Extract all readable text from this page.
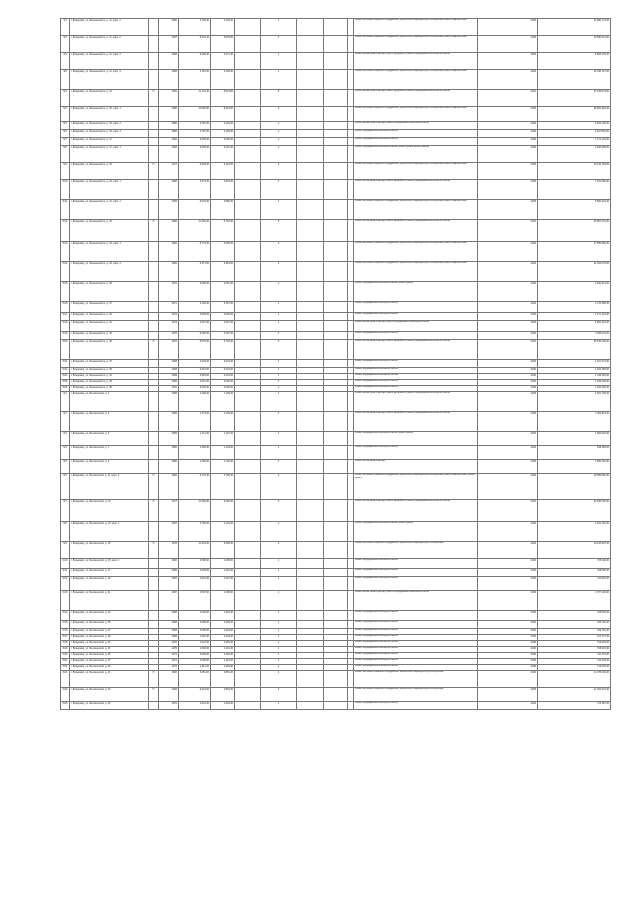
4/1	г. Владимир, ул. Безыменского, д. 11, корп. 1		1960	2 748,40	2 130,00		1				Ремонт или замена лифтового оборудования, признанного непригодным для эксплуатации, ремонт лифтовых шахт	2046	13 590 174,00
4/3	г. Владимир, ул. Безыменского, д. 11, корп. 2		1967	5 044,10	3 878,90		1				Ремонт или замена лифтового оборудования, признанного непригодным для эксплуатации, ремонт лифтовых шахт	2046	13 590 214,00
4/4	г. Владимир, ул. Безыменского, д. 11, корп. 3		1968	5 696,30	4 371,40		1				Ремонт крыши, ремонт фасада, ремонт фундамента, ремонт внутридомовых инженерных систем	2039	8 864 378,00
4/6	г. Владимир, ул. Безыменского, д. 11, корп. 4		1968	4 151,00	3 209,00		1				Ремонт или замена лифтового оборудования, признанного непригодным для эксплуатации, ремонт лифтовых шахт	2046	15 158 147,00
5/4	г. Владимир, ул. Безыменского, д. 13	П	1981	11 131,40	8 513,80		5				Ремонт крыши, ремонт фасада, ремонт фундамента, ремонт внутридомовых инженерных систем	2041	37 169 574,00
5/2	г. Владимир, ул. Безыменского, д. 15, корп. 1		1980	11 625,50	8 944,90		4				Ремонт или замена лифтового оборудования, признанного непригодным для эксплуатации, ремонт лифтовых шахт	2046	28 802 446,00
5/5	г. Владимир, ул. Безыменского, д. 15, корп. 2		1980	2 781,00	2 219,00		1				Ремонт крыши, ремонт фасада, ремонт внутридомовых инженерных систем	2039	5 801 200,00
5/6	г. Владимир, ул. Безыменского, д. 15, корп. 3		1986	2 787,00	2 195,00		1				Ремонт внутридомовых инженерных систем	2040	2 467 802,00
5/7	г. Владимир, ул. Безыменского, д. 17		1962	2 645,20	2 045,00		1				Ремонт внутридомовых инженерных систем	2040	1 171 143,00
5/8	г. Владимир, ул. Безыменского, д. 17, корп. 1		1963	2 600,20	2 021,00		1				Ремонт внутридомовых инженерных систем, ремонт крыши, ремонт фасада	2040	2 430 905,00
5/9	г. Владимир, ул. Безыменского, д. 19	П	1977	6 930,90	5 110,60		3				Ремонт или замена лифтового оборудования, признанного непригодным для эксплуатации, ремонт лифтовых шахт	2046	10 215 760,00
5/10	г. Владимир, ул. Безыменского, д. 21, корп. 1		1968	3 674,40	2 843,20		1				Ремонт крыши, ремонт фасада, ремонт фундамента, ремонт внутридомовых инженерных систем	2039	7 391 696,00
5/11	г. Владимир, ул. Безыменского, д. 21, корп. 2		1969	5 049,00	3 886,00		1				Ремонт или замена лифтового оборудования, признанного непригодным для эксплуатации, ремонт лифтовых шахт	2046	8 556 240,00
5/12	г. Владимир, ул. Безыменского, д. 23	П	1982	11 349,00	8 742,00		5				Ремонт крыши, ремонт фасада, ремонт фундамента, ремонт внутридомовых инженерных систем	2041	35 802 472,00
5/13	г. Владимир, ул. Безыменского, д. 23, корп. 1		1982	8 774,00	6 836,00		3				Ремонт или замена лифтового оборудования, признанного непригодным для эксплуатации, ремонт лифтовых шахт	2046	17 555 960,00
5/14	г. Владимир, ул. Безыменского, д. 23, корп. 2		1982	6 371,00	4 984,00		2				Ремонт или замена лифтового оборудования, признанного непригодным для эксплуатации, ремонт лифтовых шахт	2046	12 034 070,00
5/15	г. Владимир, ул. Безыменского, д. 25		1972	2 645,00	2 051,00		1				Ремонт внутридомовых инженерных систем, ремонт крыши	2040	2 430 914,00
5/16	г. Владимир, ул. Безыменского, д. 27		1971	3 102,00	2 407,00		1				Ремонт внутридомовых инженерных систем	2040	1 176 485,00
5/17	г. Владимир, ул. Безыменского, д. 29		1972	2 629,00	2 045,00		1				Ремонт внутридомовых инженерных систем	2040	1 171 143,00
5/18	г. Владимир, ул. Безыменского, д. 31		1974	3 647,00	2 847,00		1				Ремонт крыши, ремонт фасада, ремонт внутридомовых инженерных систем	2039	6 991 312,00
5/19	г. Владимир, ул. Безыменского, д. 33		1975	5 460,00	4 207,00		1				Ремонт внутридомовых инженерных систем	2040	4 606 111,00
5/20	г. Владимир, ул. Безыменского, д. 35	П	1976	8 576,00	6 704,00		3				Ремонт крыши, ремонт фасада, ремонт фундамента, ремонт внутридомовых инженерных систем	2041	25 816 200,00
5/21	г. Владимир, ул. Безыменского, д. 37		1968	2 603,00	2 019,00		1				Ремонт внутридомовых инженерных систем	2040	1 151 274,00
5/22	г. Владимир, ул. Безыменского, д. 39		1968	2 607,00	2 023,00		1				Ремонт внутридомовых инженерных систем	2040	1 153 459,00
5/23	г. Владимир, ул. Безыменского, д. 41		1969	2 594,00	2 016,00		1				Ремонт внутридомовых инженерных систем	2040	1 149 505,00
5/24	г. Владимир, ул. Безыменского, д. 43		1969	2 621,00	2 032,00		1				Ремонт внутридомовых инженерных систем	2040	1 159 230,00
5/25	г. Владимир, ул. Безыменского, д. 45		1970	2 615,00	2 028,00		1				Ремонт внутридомовых инженерных систем	2040	1 156 320,00
6/1	г. Владимир, ул. Белоконской, д. 1		1958	1 468,00	1 135,00		1				Ремонт крыши, ремонт фасада, ремонт фундамента, ремонт внутридомовых инженерных систем	2039	2 451 735,00
6/2	г. Владимир, ул. Белоконской, д. 3		1959	1 474,00	1 139,00		1				Ремонт крыши, ремонт фасада, ремонт фундамента, ремонт внутридомовых инженерных систем	2039	2 462 811,00
6/3	г. Владимир, ул. Белоконской, д. 5		1959	1 471,00	1 137,00		1				Ремонт внутридомовых инженерных систем, ремонт крыши	2040	1 352 620,00
6/4	г. Владимир, ул. Белоконской, д. 7		1960	1 466,00	1 133,00		1				Ремонт внутридомовых инженерных систем	2040	646 380,00
6/5	г. Владимир, ул. Белоконской, д. 9		1960	1 469,00	1 136,00		1				Ремонт крыши, ремонт фасада	2039	1 805 440,00
6/6	г. Владимир, ул. Белоконской, д. 11, корп. 2	П	1982	6 176,40	4 796,40		2				Ремонт или замена лифтового оборудования, признанного непригодным для эксплуатации, ремонт лифтовых шахт, ремонт крыши	2046	18 585 860,00
6/7	г. Владимир, ул. Белоконской, д. 13	П	1977	11 936,00	9 266,00		4				Ремонт крыши, ремонт фасада, ремонт фундамента, ремонт внутридомовых инженерных систем	2041	30 466 520,00
6/8	г. Владимир, ул. Белоконской, д. 13, корп. 1		1967	2 756,00	2 131,00		1				Ремонт внутридомовых инженерных систем, ремонт крыши	2040	2 491 442,00
6/9	г. Владимир, ул. Белоконской, д. 15	П	1978	11 934,00	9 258,00		4				Ремонт или замена лифтового оборудования, признанного непригодным для эксплуатации	2046	10 434 907,00
6/10	г. Владимир, ул. Белоконской, д. 15, корп. 1		1966	1 598,00	1 235,00		1				Ремонт внутридомовых инженерных систем	2040	705 118,00
6/11	г. Владимир, ул. Белоконской, д. 17		1966	1 604,00	1 242,00		1				Ремонт внутридомовых инженерных систем	2040	708 900,00
6/12	г. Владимир, ул. Белоконской, д. 19		1967	1 610,00	1 247,00		1				Ремонт внутридомовых инженерных систем	2040	711 810,00
6/13	г. Владимир, ул. Белоконской, д. 21		1967	1 597,00	1 238,00		1				Ремонт крыши, ремонт фасада, ремонт внутридомовых инженерных систем	2039	2 677 118,00
6/14	г. Владимир, ул. Белоконской, д. 23		1968	1 602,00	1 240,00		1				Ремонт внутридомовых инженерных систем	2040	708 032,00
6/15	г. Владимир, ул. Белоконской, д. 25		1968	1 599,00	1 236,00		1				Ремонт внутридомовых инженерных систем	2040	705 762,00
6/16	г. Владимир, ул. Белоконской, д. 27		1969	1 605,00	1 243,00		1				Ремонт внутридомовых инженерных систем	2040	709 761,00
6/17	г. Владимир, ул. Белоконской, д. 29		1969	1 601,00	1 239,00		1				Ремонт внутридомовых инженерных систем	2040	707 477,00
6/18	г. Владимир, ул. Белоконской, д. 31		1970	1 607,00	1 245,00		1				Ремонт внутридомовых инженерных систем	2040	710 903,00
6/19	г. Владимир, ул. Белоконской, д. 33		1970	1 603,00	1 241,00		1				Ремонт внутридомовых инженерных систем	2040	708 619,00
6/20	г. Владимир, ул. Белоконской, д. 35		1971	1 609,00	1 246,00		1				Ремонт внутридомовых инженерных систем	2040	711 474,00
6/21	г. Владимир, ул. Белоконской, д. 37		1971	1 606,00	1 244,00		1				Ремонт внутридомовых инженерных систем	2040	710 332,00
6/22	г. Владимир, ул. Белоконской, д. 39		1972	1 611,00	1 248,00		1				Ремонт внутридомовых инженерных систем	2040	712 616,00
6/23	г. Владимир, ул. Белоконской, д. 41	П	1983	6 251,00	4 851,00		2				Ремонт или замена лифтового оборудования, признанного непригодным для эксплуатации	2046	11 076 020,00
6/24	г. Владимир, ул. Белоконской, д. 43	П	1984	6 244,00	4 846,00		2				Ремонт или замена лифтового оборудования, признанного непригодным для эксплуатации	2046	11 064 610,00
6/25	г. Владимир, ул. Белоконской, д. 45		1972	1 612,00	1 249,00		1				Ремонт внутридомовых инженерных систем	2040	713 187,00
